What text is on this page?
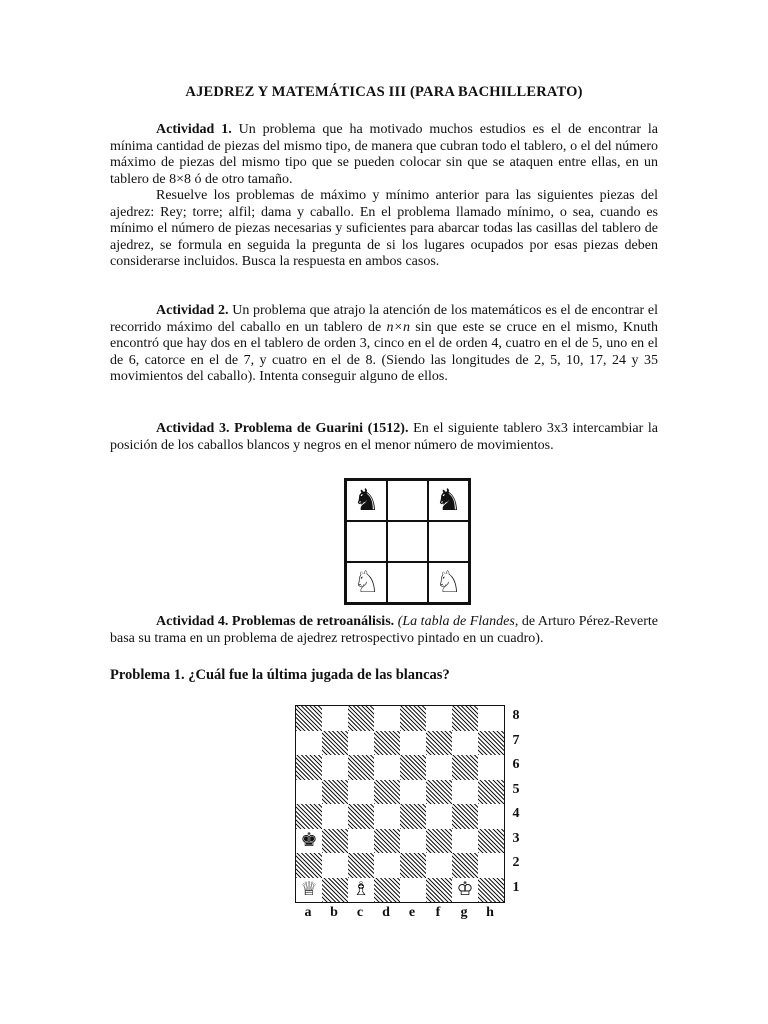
AJEDREZ Y MATEMÁTICAS III (PARA BACHILLERATO)

Actividad 1. Un problema que ha motivado muchos estudios es el de encontrar la mínima cantidad de piezas del mismo tipo, de manera que cubran todo el tablero, o el del número máximo de piezas del mismo tipo que se pueden colocar sin que se ataquen entre ellas, en un tablero de 8×8 ó de otro tamaño.

Resuelve los problemas de máximo y mínimo anterior para las siguientes piezas del ajedrez: Rey; torre; alfil; dama y caballo. En el problema llamado mínimo, o sea, cuando es mínimo el número de piezas necesarias y suficientes para abarcar todas las casillas del tablero de ajedrez, se formula en seguida la pregunta de si los lugares ocupados por esas piezas deben considerarse incluidos. Busca la respuesta en ambos casos.

Actividad 2. Un problema que atrajo la atención de los matemáticos es el de encontrar el recorrido máximo del caballo en un tablero de n×n sin que este se cruce en el mismo, Knuth encontró que hay dos en el tablero de orden 3, cinco en el de orden 4, cuatro en el de 5, uno en el de 6, catorce en el de 7, y cuatro en el de 8. (Siendo las longitudes de 2, 5, 10, 17, 24 y 35 movimientos del caballo). Intenta conseguir alguno de ellos.

Actividad 3. Problema de Guarini (1512). En el siguiente tablero 3x3 intercambiar la posición de los caballos blancos y negros en el menor número de movimientos.

♞ ♞
♘ ♘

Actividad 4. Problemas de retroanálisis. (La tabla de Flandes, de Arturo Pérez-Reverte basa su trama en un problema de ajedrez retrospectivo pintado en un cuadro).

Problema 1. ¿Cuál fue la última jugada de las blancas?
♚
♕ ♗	♔
8
7
6
5
4
3
2
1
a	b	c	d	e	f	g	h
